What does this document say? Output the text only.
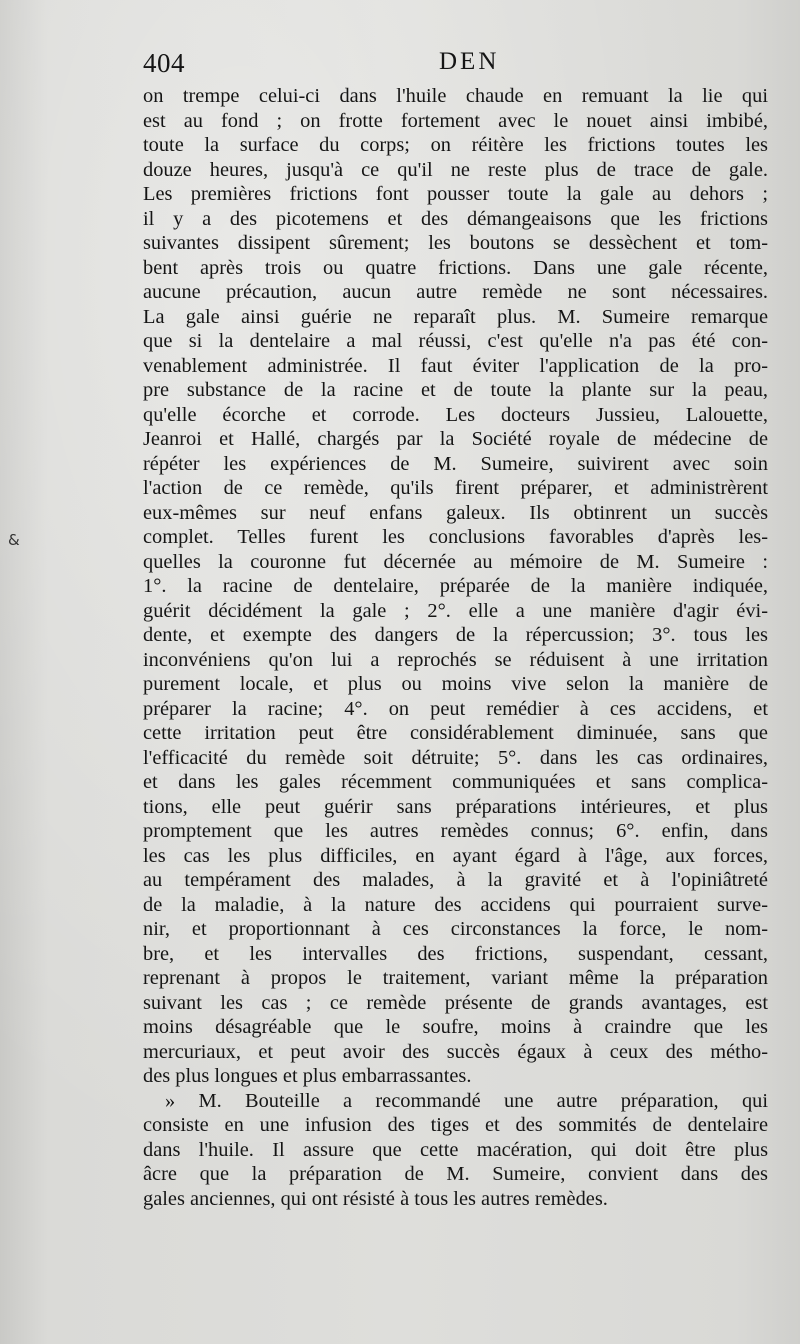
404	DEN
&
on trempe celui-ci dans l'huile chaude en remuant la lie qui
est au fond ; on frotte fortement avec le nouet ainsi imbibé,
toute la surface du corps; on réitère les frictions toutes les
douze heures, jusqu'à ce qu'il ne reste plus de trace de gale.
Les premières frictions font pousser toute la gale au dehors ;
il y a des picotemens et des démangeaisons que les frictions
suivantes dissipent sûrement; les boutons se dessèchent et tom-
bent après trois ou quatre frictions. Dans une gale récente,
aucune précaution, aucun autre remède ne sont nécessaires.
La gale ainsi guérie ne reparaît plus. M. Sumeire remarque
que si la dentelaire a mal réussi, c'est qu'elle n'a pas été con-
venablement administrée. Il faut éviter l'application de la pro-
pre substance de la racine et de toute la plante sur la peau,
qu'elle écorche et corrode. Les docteurs Jussieu, Lalouette,
Jeanroi et Hallé, chargés par la Société royale de médecine de
répéter les expériences de M. Sumeire, suivirent avec soin
l'action de ce remède, qu'ils firent préparer, et administrèrent
eux-mêmes sur neuf enfans galeux. Ils obtinrent un succès
complet. Telles furent les conclusions favorables d'après les-
quelles la couronne fut décernée au mémoire de M. Sumeire :
1°. la racine de dentelaire, préparée de la manière indiquée,
guérit décidément la gale ; 2°. elle a une manière d'agir évi-
dente, et exempte des dangers de la répercussion; 3°. tous les
inconvéniens qu'on lui a reprochés se réduisent à une irritation
purement locale, et plus ou moins vive selon la manière de
préparer la racine; 4°. on peut remédier à ces accidens, et
cette irritation peut être considérablement diminuée, sans que
l'efficacité du remède soit détruite; 5°. dans les cas ordinaires,
et dans les gales récemment communiquées et sans complica-
tions, elle peut guérir sans préparations intérieures, et plus
promptement que les autres remèdes connus; 6°. enfin, dans
les cas les plus difficiles, en ayant égard à l'âge, aux forces,
au tempérament des malades, à la gravité et à l'opiniâtreté
de la maladie, à la nature des accidens qui pourraient surve-
nir, et proportionnant à ces circonstances la force, le nom-
bre, et les intervalles des frictions, suspendant, cessant,
reprenant à propos le traitement, variant même la préparation
suivant les cas ; ce remède présente de grands avantages, est
moins désagréable que le soufre, moins à craindre que les
mercuriaux, et peut avoir des succès égaux à ceux des métho-
des plus longues et plus embarrassantes.
» M. Bouteille a recommandé une autre préparation, qui
consiste en une infusion des tiges et des sommités de dentelaire
dans l'huile. Il assure que cette macération, qui doit être plus
âcre que la préparation de M. Sumeire, convient dans des
gales anciennes, qui ont résisté à tous les autres remèdes.
